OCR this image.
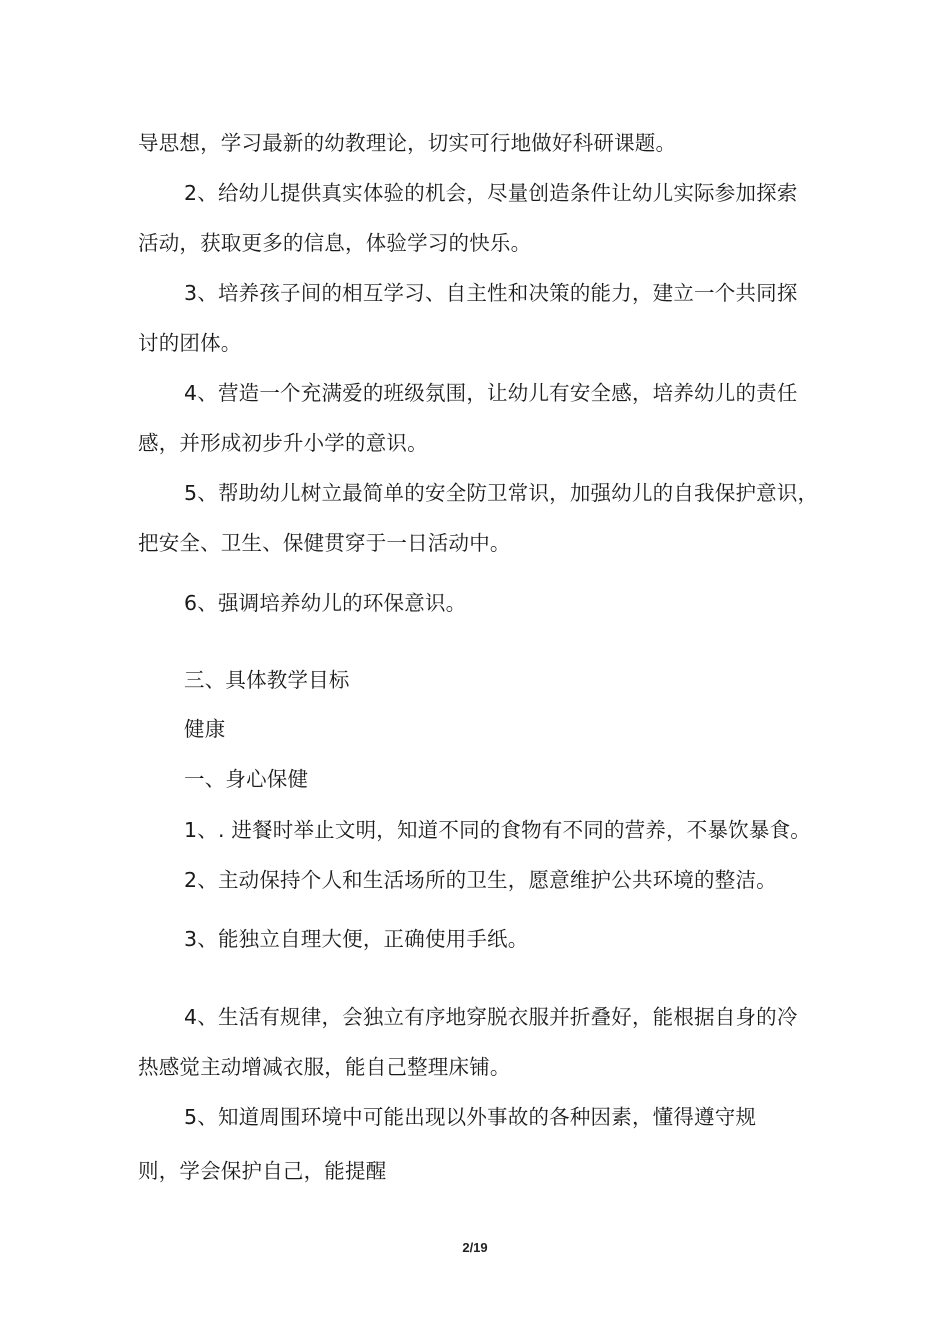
导思想，学习最新的幼教理论，切实可行地做好科研课题。
2、给幼儿提供真实体验的机会，尽量创造条件让幼儿实际参加探索
活动，获取更多的信息，体验学习的快乐。
3、培养孩子间的相互学习、自主性和决策的能力，建立一个共同探
讨的团体。
4、营造一个充满爱的班级氛围，让幼儿有安全感，培养幼儿的责任
感，并形成初步升小学的意识。
5、帮助幼儿树立最简单的安全防卫常识，加强幼儿的自我保护意识，
把安全、卫生、保健贯穿于一日活动中。
6、强调培养幼儿的环保意识。
三、具体教学目标
健康
一、身心保健
1、. 进餐时举止文明，知道不同的食物有不同的营养，不暴饮暴食。
2、主动保持个人和生活场所的卫生，愿意维护公共环境的整洁。
3、能独立自理大便，正确使用手纸。
4、生活有规律，会独立有序地穿脱衣服并折叠好，能根据自身的冷
热感觉主动增减衣服，能自己整理床铺。
5、知道周围环境中可能出现以外事故的各种因素，懂得遵守规
则，学会保护自己，能提醒
2/19
